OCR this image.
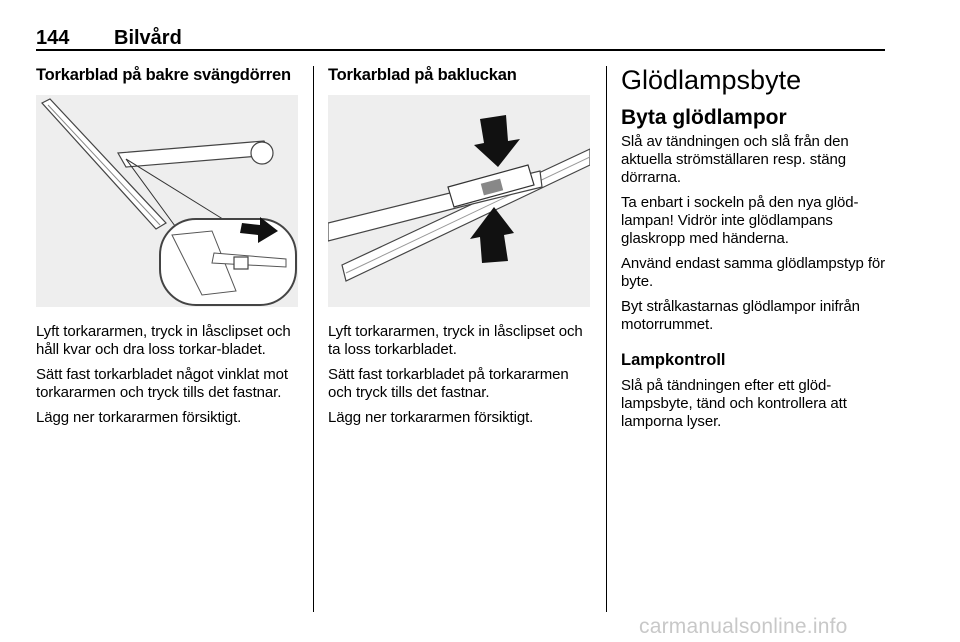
144 Bilvård
Torkarblad på bakre svängdörren

Lyft torkararmen, tryck in låsclipset och håll kvar och dra loss torkar-bladet.

Sätt fast torkarbladet något vinklat mot torkararmen och tryck tills det fastnar.

Lägg ner torkararmen försiktigt.

Torkarblad på bakluckan

Lyft torkararmen, tryck in låsclipset och ta loss torkarbladet.

Sätt fast torkarbladet på torkararmen och tryck tills det fastnar.

Lägg ner torkararmen försiktigt.

Glödlampsbyte
Byta glödlampor

Slå av tändningen och slå från den aktuella strömställaren resp. stäng dörrarna.

Ta enbart i sockeln på den nya glöd-lampan! Vidrör inte glödlampans glaskropp med händerna.

Använd endast samma glödlampstyp för byte.

Byt strålkastarnas glödlampor inifrån motorrummet.

Lampkontroll

Slå på tändningen efter ett glöd-lampsbyte, tänd och kontrollera att lamporna lyser.

carmanualsonline.info
